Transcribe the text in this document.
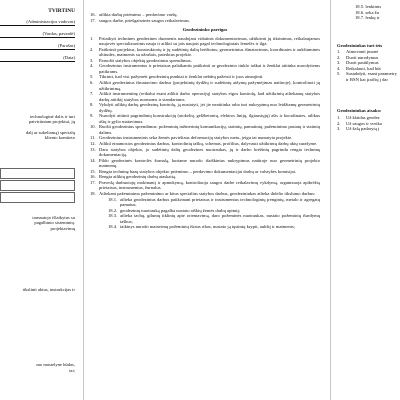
TVIRTINU
(Administracijos vadovas)
(Vardas, pavardė)
(Parašas)
(Data)
technologinė dalis ir turi
patvirtintam projektui, jų
dalį ar sukeliamą) specialų
kliento komiteto
tarnautojo išlaikytus su
pagalbinio sisteminių.
projektavimų
tikslinti aktus, instrukcijas ir
mo mastelyne būdas,
tai;
16. atlikta darbų priėmimo – perdavimo varšų,
17. saugos darbe, priešgaisrinės saugos reikalavimus.
Geodezininko pareigos
1.	Pritaikyti technines geodezines duomenis naudojant vidutinis dokumentavimas, užtikrinti jų tikrinimas, reikalaujamos naujovės specializuotinis nauja ir atlikti su jais naujais pagal technologiniais lentelės ir ilga.
2.	Patikrinti projektus, konstruktorių ir jų sudėtinių dalių brėžinius, geometrinius išmatavimus, koordinates ir aukštumines altitudes, matmenis su užrašais, pateiktus projekte.
3.	Paruošti statybos objektų geodezinius sprendimus.
4.	Geodezinius instrumentus ir prietaisus palaikantis patikrinti ar geodezinio tinklo taškai ir ženklai atitinka nurodytiems patikrams.
5.	Tikrinti, kad visi pažymėti geodezinių punktai ir ženklai nebūtų pažeisti ir juos atnaujinti.
6.	Atlikti geodezinius išmatavimo darbus (projektinių dydžių ir sudėtinių atžymų pažymėjimas natūroje), kontroliuoti jų užtikrinimą.
7.	Atlikti instrumentinę (reikalui esant atlikti darbo operacijų) statybos eigos kontrolę, kad užtikrintų atliekamų statybos darbų atitiktį statybos normoms ir standartams.
8.	Vykdyti atliktų darbų geodezinę kontrolę, ją nustatyti, jei jie neatitinka arba turi nukrypimų nuo leidžiamų geometrinių dydžių.
9.	Nurodyti atitinti pagrindinių konstrukcijų (atokelių, gelžbetonių, elektros linijų, ilgiausiųjų) ašis ir koordinates, atlikus ašių ir gylio matavimus.
10. Ruošti geodezinius sprendimus: požeminių inžinerinių komunikacijų, statinių, pamatinių, pažeminimo pastatų ir statinių dalims.
11. Geodezinius instrumentais seka žemės paviršiaus deformacijų statybos metu, jeigu tai numatyta projekte.
12. Atlikti einamosios geodezinius darbus, kontrolinių taškų, schemas, profilius, dalyvauti užtikrintų darbų aktų surašyme.
13. Daro statybos objekto, jo sudėtinių dalių geodezines nuotraukas, jų ir darbo brėžinių pagrindu rengia techninę dokumentaciją.
14. Pildo geodezinės kontrolės žurnalą, kuriame nurodo išaiškintus nukrypimus natūroje nuo geometrinių projekto matmenų.
15. Rengia techninę bazę statybos objekto priėmimo – perdavimo dokumentacijai darbų ar valstybės komisijai.
16. Rengia atliktų geodezinių darbų ataskaitą.
17. Pravedą darbuotojų mokinantį ir apmokymą, kontroliuoja saugos darbe reikalavimų vykdymą, organizuoja apibrėžtą prietaisus, instrumentus, žurnalus.
18. Atliekant pažeminimo pažeminimo ar kitus specialius statybos darbus, geodezininkas atlieka didelio tikslumo darbus:
18.1. atlieka geodezinius darbus patikrinant prietaisus ir instrumentus technologinių įrenginių, metalo ir agregatų pamatus;
18.2. geodezinių nuotrauką pagalba nustato aiškių žemės darbų apimtį;
18.3. atlieka tachų, gilumų tiklinių apie orientavimą, daro požeminės nuotraukas, nustato požeminių išardymų taškus;
18.4. taikinys nurodo matavimų požeminių išraus ribas, nustato ją tęstinių krypti, aukštį ir matmenis;
18.5. lenktinis
18.6. seka žu
18.7. lenkų ir
Geodezininkas turi teis
1.	Atmovanti įmonė
2.	Duoti nurodymus
3.	Duoti pasiūlymus
4.	Reikalauti, kad būt
5.	Sustabdyti, esant parametry ir RSN kai įraičių į dar
Geodezininkas atsako:
1.	Už klaidas geodez
2.	Už saugos ir sveika
3.	Už žalą padarytą į
